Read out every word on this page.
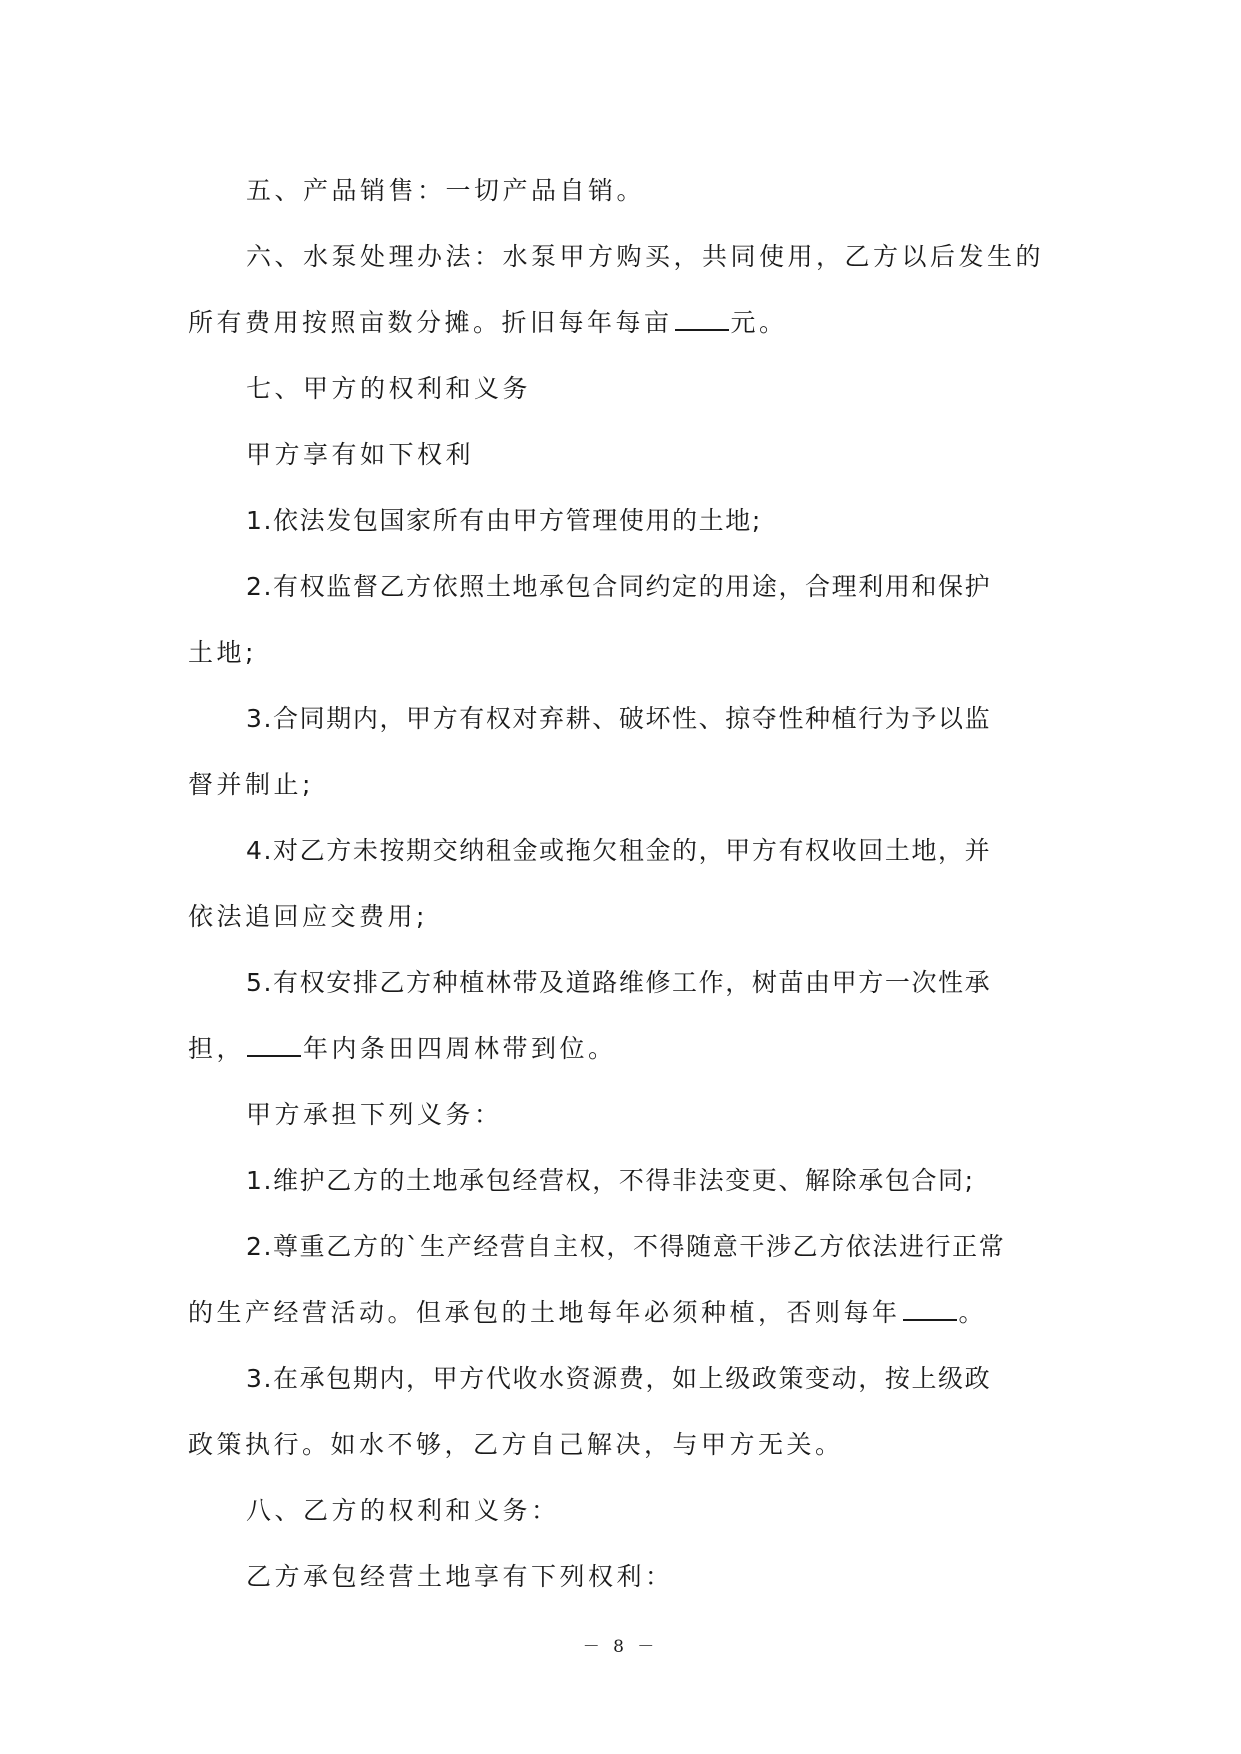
五、产品销售：一切产品自销。

六、水泵处理办法：水泵甲方购买，共同使用，乙方以后发生的

所有费用按照亩数分摊。折旧每年每亩 元。

七、甲方的权利和义务

甲方享有如下权利

1.依法发包国家所有由甲方管理使用的土地;

2.有权监督乙方依照土地承包合同约定的用途，合理利用和保护

土地;

3.合同期内，甲方有权对弃耕、破坏性、掠夺性种植行为予以监

督并制止;

4.对乙方未按期交纳租金或拖欠租金的，甲方有权收回土地，并

依法追回应交费用;

5.有权安排乙方种植林带及道路维修工作，树苗由甲方一次性承

担， 年内条田四周林带到位。

甲方承担下列义务：

1.维护乙方的土地承包经营权，不得非法变更、解除承包合同;

2.尊重乙方的`生产经营自主权，不得随意干涉乙方依法进行正常

的生产经营活动。但承包的土地每年必须种植，否则每年 。

3.在承包期内，甲方代收水资源费，如上级政策变动，按上级政

政策执行。如水不够，乙方自己解决，与甲方无关。

八、乙方的权利和义务：

乙方承包经营土地享有下列权利：

－ 8 －
